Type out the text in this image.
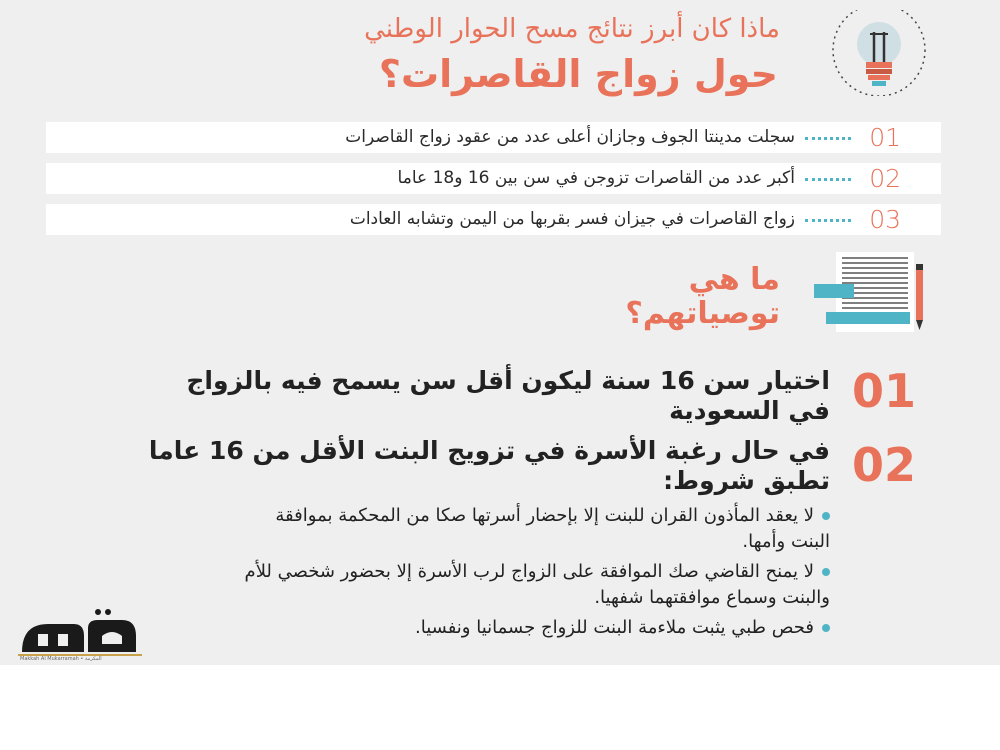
ماذا كان أبرز نتائج مسح الحوار الوطني
حول زواج القاصرات؟
01
سجلت مدينتا الجوف وجازان أعلى عدد من عقود زواج القاصرات
02
أكبر عدد من القاصرات تزوجن في سن بين 16 و18 عاما
03
زواج القاصرات في جيزان فسر بقربها من اليمن وتشابه العادات
ما هي
توصياتهم؟
01
اختيار سن 16 سنة ليكون أقل سن يسمح فيه بالزواج
في السعودية
02
في حال رغبة الأسرة في تزويج البنت الأقل من 16 عاما
تطبق شروط:
لا يعقد المأذون القران للبنت إلا بإحضار أسرتها صكا من المحكمة بموافقة
البنت وأمها.
لا يمنح القاضي صك الموافقة على الزواج لرب الأسرة إلا بحضور شخصي للأم
والبنت وسماع موافقتهما شفهيا.
فحص طبي يثبت ملاءمة البنت للزواج جسمانيا ونفسيا.
Makkah Al Mukarramah • المكرمة
